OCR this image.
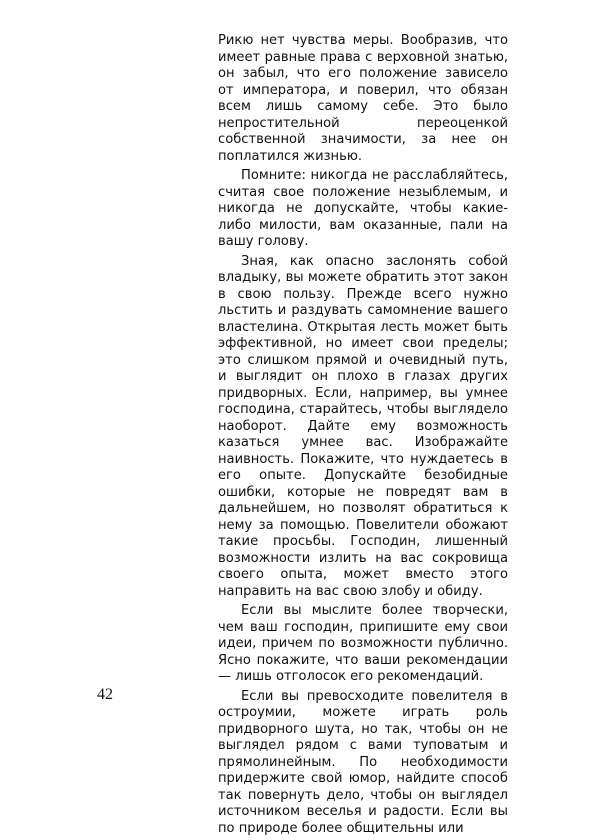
Рикю нет чувства меры. Вообразив, что имеет равные права с верховной знатью, он забыл, что его положение зависело от императора, и поверил, что обязан всем лишь самому себе. Это было непростительной переоценкой собственной значимости, за нее он поплатился жизнью.

Помните: никогда не расслабляйтесь, считая свое положение незыблемым, и никогда не допускайте, чтобы какие-либо милости, вам оказанные, пали на вашу голову.

Зная, как опасно заслонять собой владыку, вы можете обратить этот закон в свою пользу. Прежде всего нужно льстить и раздувать самомнение вашего властелина. Открытая лесть может быть эффективной, но имеет свои пределы; это слишком прямой и очевидный путь, и выглядит он плохо в глазах других придворных. Если, например, вы умнее господина, старайтесь, чтобы выглядело наоборот. Дайте ему возможность казаться умнее вас. Изображайте наивность. Покажите, что нуждаетесь в его опыте. Допускайте безобидные ошибки, которые не повредят вам в дальнейшем, но позволят обратиться к нему за помощью. Повелители обожают такие просьбы. Господин, лишенный возможности излить на вас сокровища своего опыта, может вместо этого направить на вас свою злобу и обиду.

Если вы мыслите более творчески, чем ваш господин, припишите ему свои идеи, причем по возможности публично. Ясно покажите, что ваши рекомендации — лишь отголосок его рекомендаций.

Если вы превосходите повелителя в остроумии, можете играть роль придворного шута, но так, чтобы он не выглядел рядом с вами туповатым и прямолинейным. По необходимости придержите свой юмор, найдите способ так повернуть дело, чтобы он выглядел источником веселья и радости. Если вы по природе более общительны или

42
